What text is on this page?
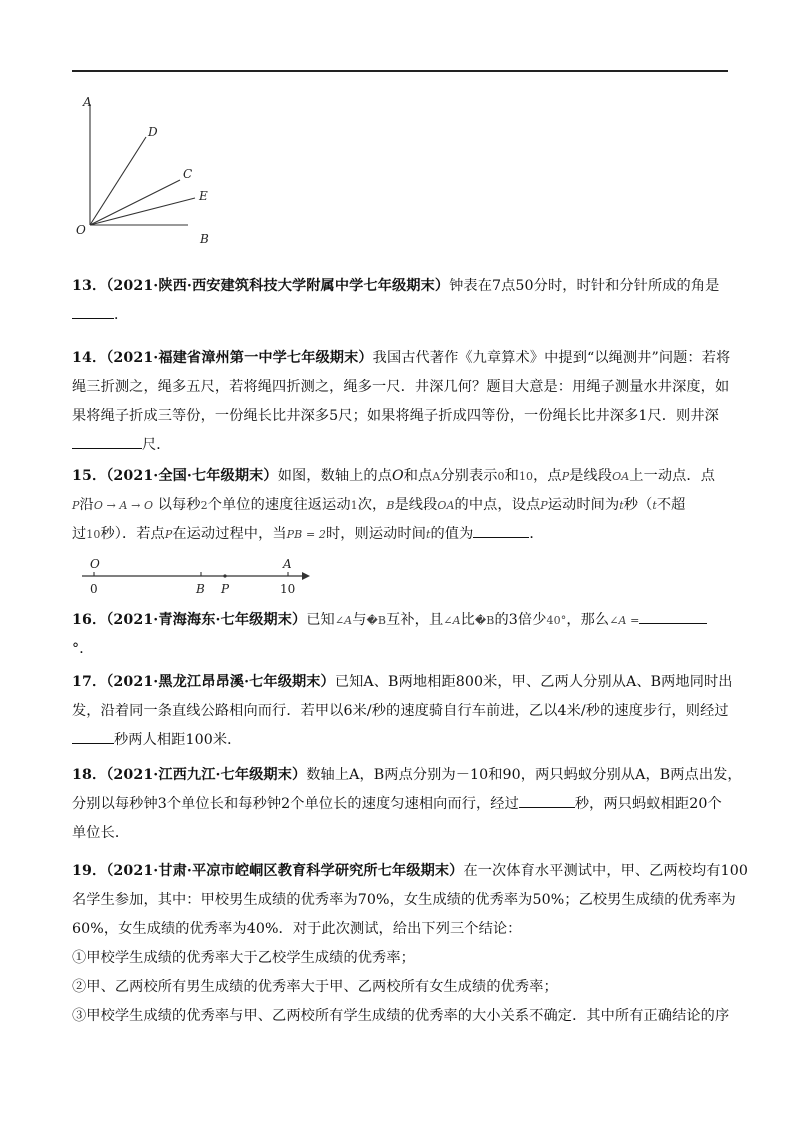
A
D
C
E
O
B
13．（2021·陕西·西安建筑科技大学附属中学七年级期末）钟表在7点50分时，时针和分针所成的角是
．
14．（2021·福建省漳州第一中学七年级期末）我国古代著作《九章算术》中提到“以绳测井”问题：若将
绳三折测之，绳多五尺，若将绳四折测之，绳多一尺．井深几何？题目大意是：用绳子测量水井深度，如
果将绳子折成三等份，一份绳长比井深多5尺；如果将绳子折成四等份，一份绳长比井深多1尺．则井深
尺．
15．（2021·全国·七年级期末）如图，数轴上的点O和点A分别表示0和10，点P是线段OA上一动点．点
P沿O → A → O 以每秒2个单位的速度往返运动1次，B是线段OA的中点，设点P运动时间为t秒（t不超
过10秒）．若点P在运动过程中，当PB = 2时，则运动时间t的值为	．
O
0	B P
A
10
16．（2021·青海海东·七年级期末）已知∠A与�B互补，且∠A比�B的3倍少40°，那么∠A =
°．
17．（2021·黑龙江昂昂溪·七年级期末）已知A、B两地相距800米，甲、乙两人分别从A、B两地同时出
发，沿着同一条直线公路相向而行．若甲以6米/秒的速度骑自行车前进，乙以4米/秒的速度步行，则经过
秒两人相距100米．
18．（2021·江西九江·七年级期末）数轴上A，B两点分别为－10和90，两只蚂蚁分别从A，B两点出发，
分别以每秒钟3个单位长和每秒钟2个单位长的速度匀速相向而行，经过	秒，两只蚂蚁相距20个
单位长．
19．（2021·甘肃·平凉市崆峒区教育科学研究所七年级期末）在一次体育水平测试中，甲、乙两校均有100
名学生参加，其中：甲校男生成绩的优秀率为70%，女生成绩的优秀率为50%；乙校男生成绩的优秀率为
60%，女生成绩的优秀率为40%．对于此次测试，给出下列三个结论：
①甲校学生成绩的优秀率大于乙校学生成绩的优秀率；
②甲、乙两校所有男生成绩的优秀率大于甲、乙两校所有女生成绩的优秀率；
③甲校学生成绩的优秀率与甲、乙两校所有学生成绩的优秀率的大小关系不确定．其中所有正确结论的序
